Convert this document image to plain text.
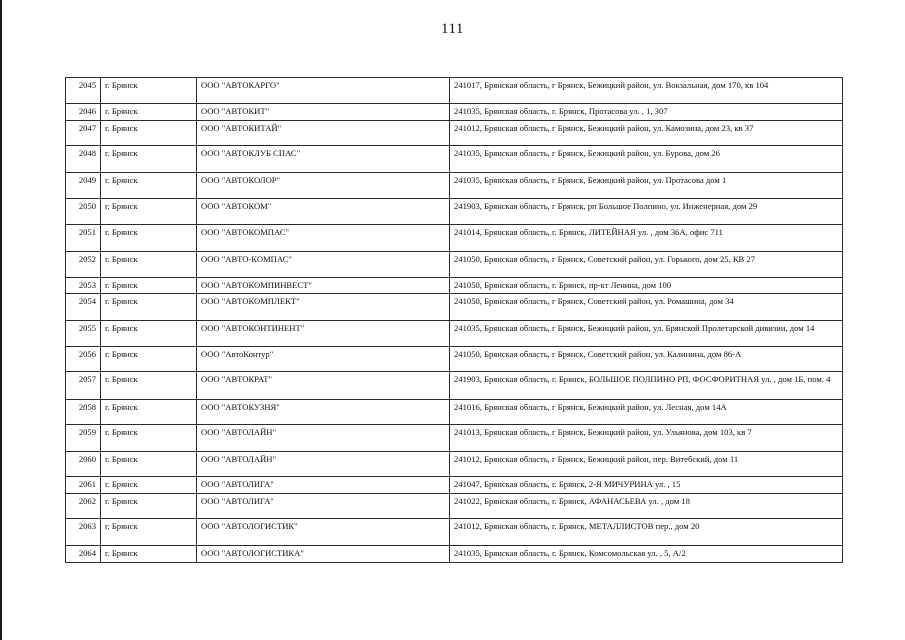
111
2045	г. Брянск	ООО "АВТОКАРГО"	241017, Брянская область, г Брянск, Бежицкий район, ул. Вокзальная, дом 170, кв 104
2046	г. Брянск	ООО "АВТОКИТ"	241035, Брянская область, г. Брянск, Протасова ул. , 1, 307
2047	г. Брянск	ООО "АВТОКИТАЙ"	241012, Брянская область, г Брянск, Бежицкий район, ул. Камозина, дом 23, кв 37
2048	г. Брянск	ООО "АВТОКЛУБ СПАС"	241035, Брянская область, г Брянск, Бежицкий район, ул. Бурова, дом 26
2049	г. Брянск	ООО "АВТОКОЛОР"	241035, Брянская область, г Брянск, Бежицкий район, ул. Протасова дом 1
2050	г. Брянск	ООО "АВТОКОМ"	241903, Брянская область, г Брянск, рп Большое Полпино, ул. Инженерная, дом 29
2051	г. Брянск	ООО "АВТОКОМПАС"	241014, Брянская область, г. Брянск, ЛИТЕЙНАЯ ул. , дом 36А, офис 711
2052	г. Брянск	ООО "АВТО-КОМПАС"	241050, Брянская область, г Брянск, Советский район, ул. Горького, дом 25, КВ 27
2053	г. Брянск	ООО "АВТОКОМПИНВЕСТ"	241050, Брянская область, г. Брянск, пр-кт Ленина, дом 100
2054	г. Брянск	ООО "АВТОКОМПЛЕКТ"	241050, Брянская область, г Брянск, Советский район, ул. Ромашина, дом 34
2055	г. Брянск	ООО "АВТОКОНТИНЕНТ"	241035, Брянская область, г Брянск, Бежицкий район, ул. Брянской Пролетарской дивизии, дом 14
2056	г. Брянск	ООО "АвтоКонтур"	241050, Брянская область, г Брянск, Советский район, ул. Калинина, дом 86-А
2057	г. Брянск	ООО "АВТОКРАТ"	241903, Брянская область, г. Брянск, БОЛЬШОЕ ПОЛПИНО РП, ФОСФОРИТНАЯ ул. , дом 1Б, пом. 4
2058	г. Брянск	ООО "АВТОКУЗНЯ"	241016, Брянская область, г Брянск, Бежицкий район, ул. Лесная, дом 14А
2059	г. Брянск	ООО "АВТОЛАЙН"	241013, Брянская область, г Брянск, Бежицкий район, ул. Ульянова, дом 103, кв 7
2060	г. Брянск	ООО "АВТОЛАЙН"	241012, Брянская область, г Брянск, Бежицкий район, пер. Витебский, дом 11
2061	г. Брянск	ООО "АВТОЛИГА"	241047, Брянская область, г. Брянск, 2-Я МИЧУРИНА ул. , 15
2062	г. Брянск	ООО "АВТОЛИГА"	241022, Брянская область, г. Брянск, АФАНАСЬЕВА ул. , дом 18
2063	г. Брянск	ООО "АВТОЛОГИСТИК"	241012, Брянская область, г. Брянск, МЕТАЛЛИСТОВ пер., дом 20
2064	г. Брянск	ООО "АВТОЛОГИСТИКА"	241035, Брянская область, г. Брянск, Комсомольская ул. , 5, А/2
